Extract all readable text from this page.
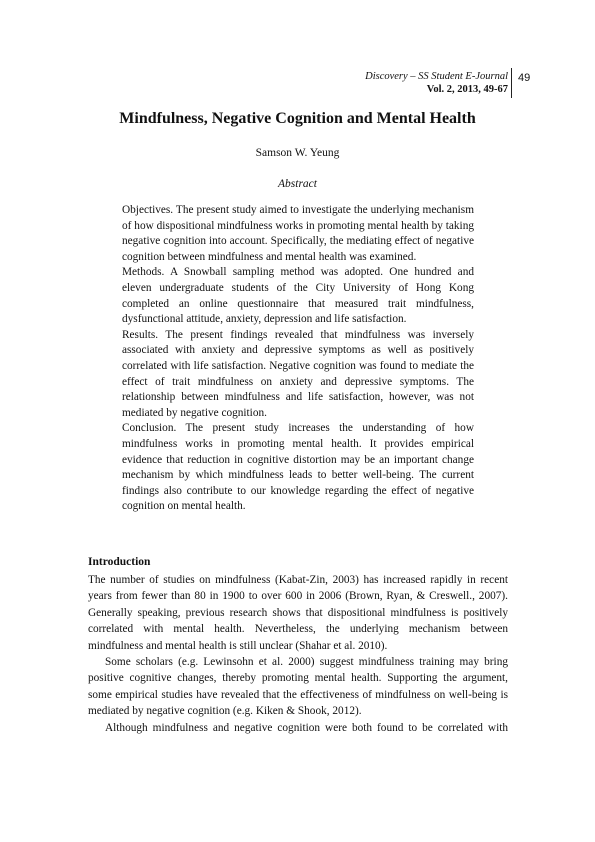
Discovery – SS Student E-Journal
Vol. 2, 2013, 49-67
49
Mindfulness, Negative Cognition and Mental Health
Samson W. Yeung
Abstract

Objectives. The present study aimed to investigate the underlying mechanism of how dispositional mindfulness works in promoting mental health by taking negative cognition into account. Specifically, the mediating effect of negative cognition between mindfulness and mental health was examined.

Methods. A Snowball sampling method was adopted. One hundred and eleven undergraduate students of the City University of Hong Kong completed an online questionnaire that measured trait mindfulness, dysfunctional attitude, anxiety, depression and life satisfaction.

Results. The present findings revealed that mindfulness was inversely associated with anxiety and depressive symptoms as well as positively correlated with life satisfaction. Negative cognition was found to mediate the effect of trait mindfulness on anxiety and depressive symptoms. The relationship between mindfulness and life satisfaction, however, was not mediated by negative cognition.

Conclusion. The present study increases the understanding of how mindfulness works in promoting mental health. It provides empirical evidence that reduction in cognitive distortion may be an important change mechanism by which mindfulness leads to better well-being. The current findings also contribute to our knowledge regarding the effect of negative cognition on mental health.

Introduction

The number of studies on mindfulness (Kabat-Zin, 2003) has increased rapidly in recent years from fewer than 80 in 1900 to over 600 in 2006 (Brown, Ryan, & Creswell., 2007). Generally speaking, previous research shows that dispositional mindfulness is positively correlated with mental health. Nevertheless, the underlying mechanism between mindfulness and mental health is still unclear (Shahar et al. 2010).

Some scholars (e.g. Lewinsohn et al. 2000) suggest mindfulness training may bring positive cognitive changes, thereby promoting mental health. Supporting the argument, some empirical studies have revealed that the effectiveness of mindfulness on well-being is mediated by negative cognition (e.g. Kiken & Shook, 2012).

Although mindfulness and negative cognition were both found to be correlated with
